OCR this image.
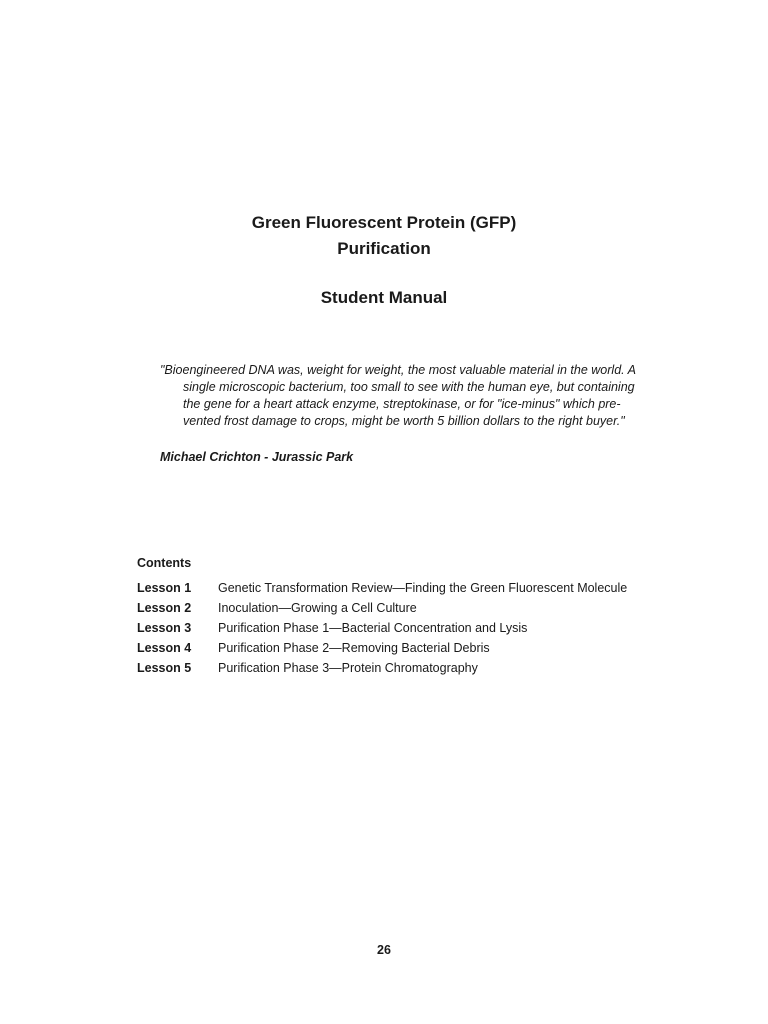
Green Fluorescent Protein (GFP)

Purification

Student Manual

"Bioengineered DNA was, weight for weight, the most valuable material in the world. A
single microscopic bacterium, too small to see with the human eye, but containing
the gene for a heart attack enzyme, streptokinase, or for "ice-minus" which pre-
vented frost damage to crops, might be worth 5 billion dollars to the right buyer."
Michael Crichton - Jurassic Park
Contents
Lesson 1	Genetic Transformation Review—Finding the Green Fluorescent Molecule
Lesson 2	Inoculation—Growing a Cell Culture
Lesson 3	Purification Phase 1—Bacterial Concentration and Lysis
Lesson 4	Purification Phase 2—Removing Bacterial Debris
Lesson 5	Purification Phase 3—Protein Chromatography
26
